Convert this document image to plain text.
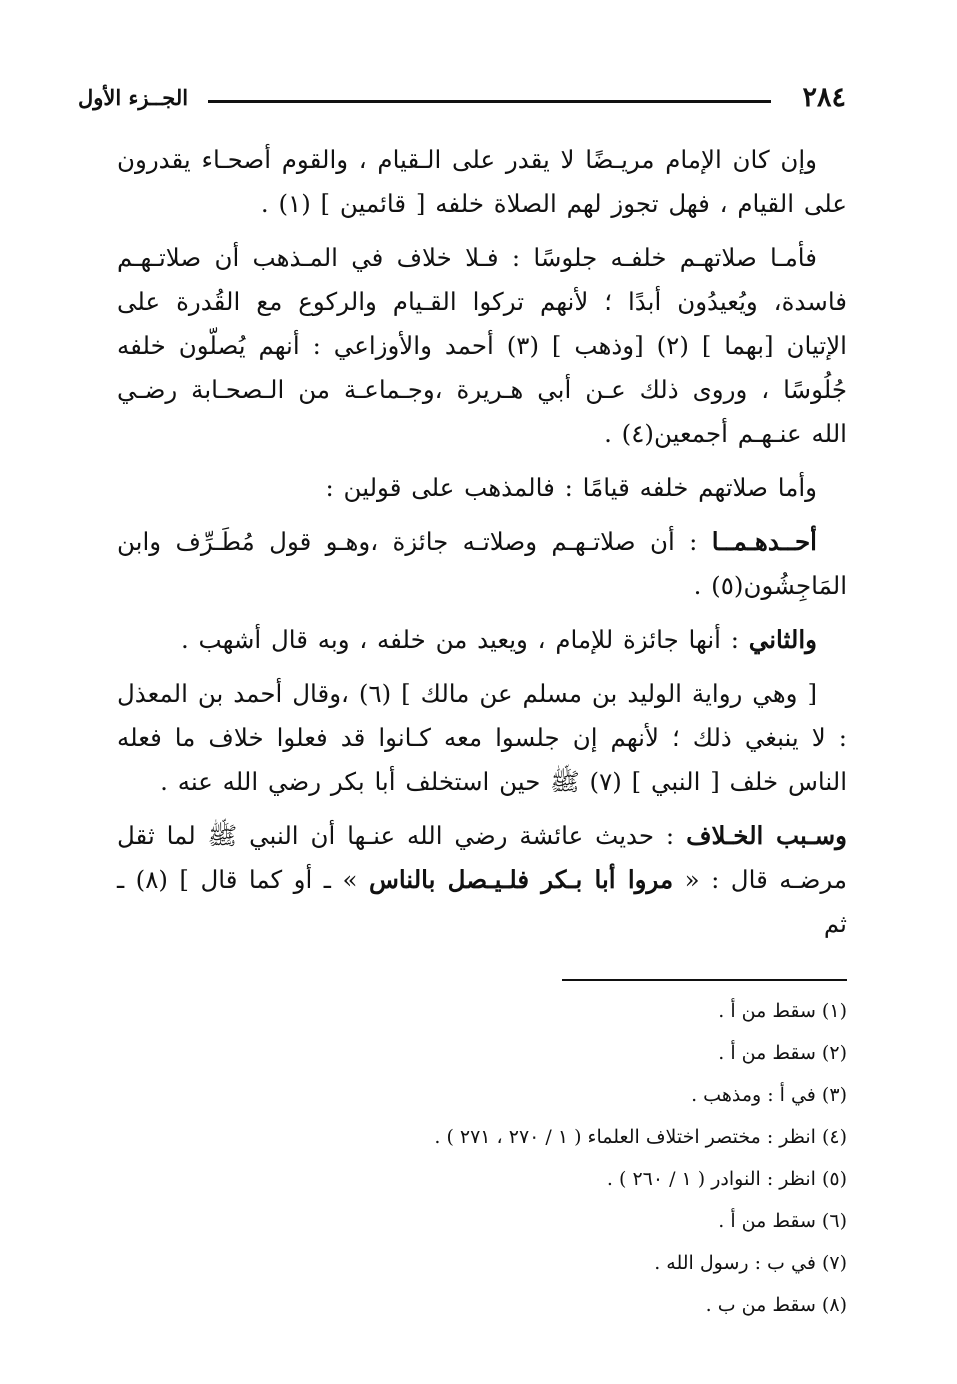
٢٨٤
الجــزء الأول

وإن كان الإمام مريـضًا لا يقدر على الـقيام ، والقوم أصحـاء يقدرون على القيام ، فهل تجوز لهم الصلاة خلفه [ قائمين ] (١) .

فأمـا صلاتهـم خلفـه جلوسًا : فـلا خلاف في المـذهب أن صلاتـهـم فاسدة، ويُعيدُون أبدًا ؛ لأنهم تركوا القـيام والركوع مع القُدرة على الإتيان [بهما ] (٢) [وذهب ] (٣) أحمد والأوزاعي : أنهم يُصلّون خلفه جُلُوسًا ، وروى ذلك عـن أبي هـريرة ،وجـماعـة من الـصحـابة رضـي الله عنـهـم أجمعين(٤) .

وأما صلاتهم خلفه قيامًا : فالمذهب على قولين :

أحــدهـمــا : أن صلاتـهـم وصلاتـه جائزة ،وهـو قول مُطَـرِّف وابن المَاجِشُون(٥) .

والثاني : أنها جائزة للإمام ، ويعيد من خلفه ، وبه قال أشهب .

[ وهي رواية الوليد بن مسلم عن مالك ] (٦) ،وقال أحمد بن المعذل : لا ينبغي ذلك ؛ لأنهم إن جلسوا معه كـانوا قد فعلوا خلاف ما فعله الناس خلف [ النبي ] (٧) ﷺ حين استخلف أبا بكر رضي الله عنه .

وسـبب الخـلاف : حديث عائشة رضي الله عنـها أن النبي ﷺ لما ثقل مرضـه قال : « مروا أبا بـكر فلـيـصل بالناس » ـ أو كما قال ] (٨) ـ ثم

(١) سقط من أ .
(٢) سقط من أ .
(٣) في أ : ومذهب .
(٤) انظر : مختصر اختلاف العلماء ( ١ / ٢٧٠ ، ٢٧١ ) .
(٥) انظر : النوادر ( ١ / ٢٦٠ ) .
(٦) سقط من أ .
(٧) في ب : رسول الله .
(٨) سقط من ب .
